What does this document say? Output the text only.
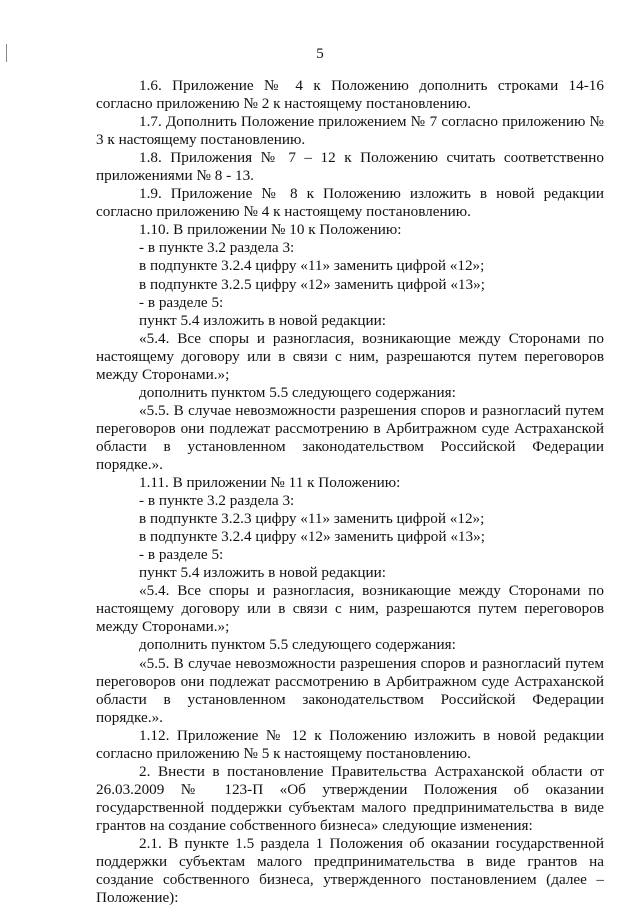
5

1.6. Приложение № 4 к Положению дополнить строками 14-16 согласно приложению № 2 к настоящему постановлению.

1.7. Дополнить Положение приложением № 7 согласно приложению № 3 к настоящему постановлению.

1.8. Приложения № 7 – 12 к Положению считать соответственно приложениями № 8 - 13.

1.9. Приложение № 8 к Положению изложить в новой редакции согласно приложению № 4 к настоящему постановлению.

1.10. В приложении № 10 к Положению:

- в пункте 3.2 раздела 3:

в подпункте 3.2.4 цифру «11» заменить цифрой «12»;

в подпункте 3.2.5 цифру «12» заменить цифрой «13»;

- в разделе 5:

пункт 5.4 изложить в новой редакции:

«5.4. Все споры и разногласия, возникающие между Сторонами по настоящему договору или в связи с ним, разрешаются путем переговоров между Сторонами.»;

дополнить пунктом 5.5 следующего содержания:

«5.5. В случае невозможности разрешения споров и разногласий путем переговоров они подлежат рассмотрению в Арбитражном суде Астраханской области в установленном законодательством Российской Федерации порядке.».

1.11. В приложении № 11 к Положению:

- в пункте 3.2 раздела 3:

в подпункте 3.2.3 цифру «11» заменить цифрой «12»;

в подпункте 3.2.4 цифру «12» заменить цифрой «13»;

- в разделе 5:

пункт 5.4 изложить в новой редакции:

«5.4. Все споры и разногласия, возникающие между Сторонами по настоящему договору или в связи с ним, разрешаются путем переговоров между Сторонами.»;

дополнить пунктом 5.5 следующего содержания:

«5.5. В случае невозможности разрешения споров и разногласий путем переговоров они подлежат рассмотрению в Арбитражном суде Астраханской области в установленном законодательством Российской Федерации порядке.».

1.12. Приложение № 12 к Положению изложить в новой редакции согласно приложению № 5 к настоящему постановлению.

2. Внести в постановление Правительства Астраханской области от 26.03.2009 № 123-П «Об утверждении Положения об оказании государственной поддержки субъектам малого предпринимательства в виде грантов на создание собственного бизнеса» следующие изменения:

2.1. В пункте 1.5 раздела 1 Положения об оказании государственной поддержки субъектам малого предпринимательства в виде грантов на создание собственного бизнеса, утвержденного постановлением (далее – Положение):
